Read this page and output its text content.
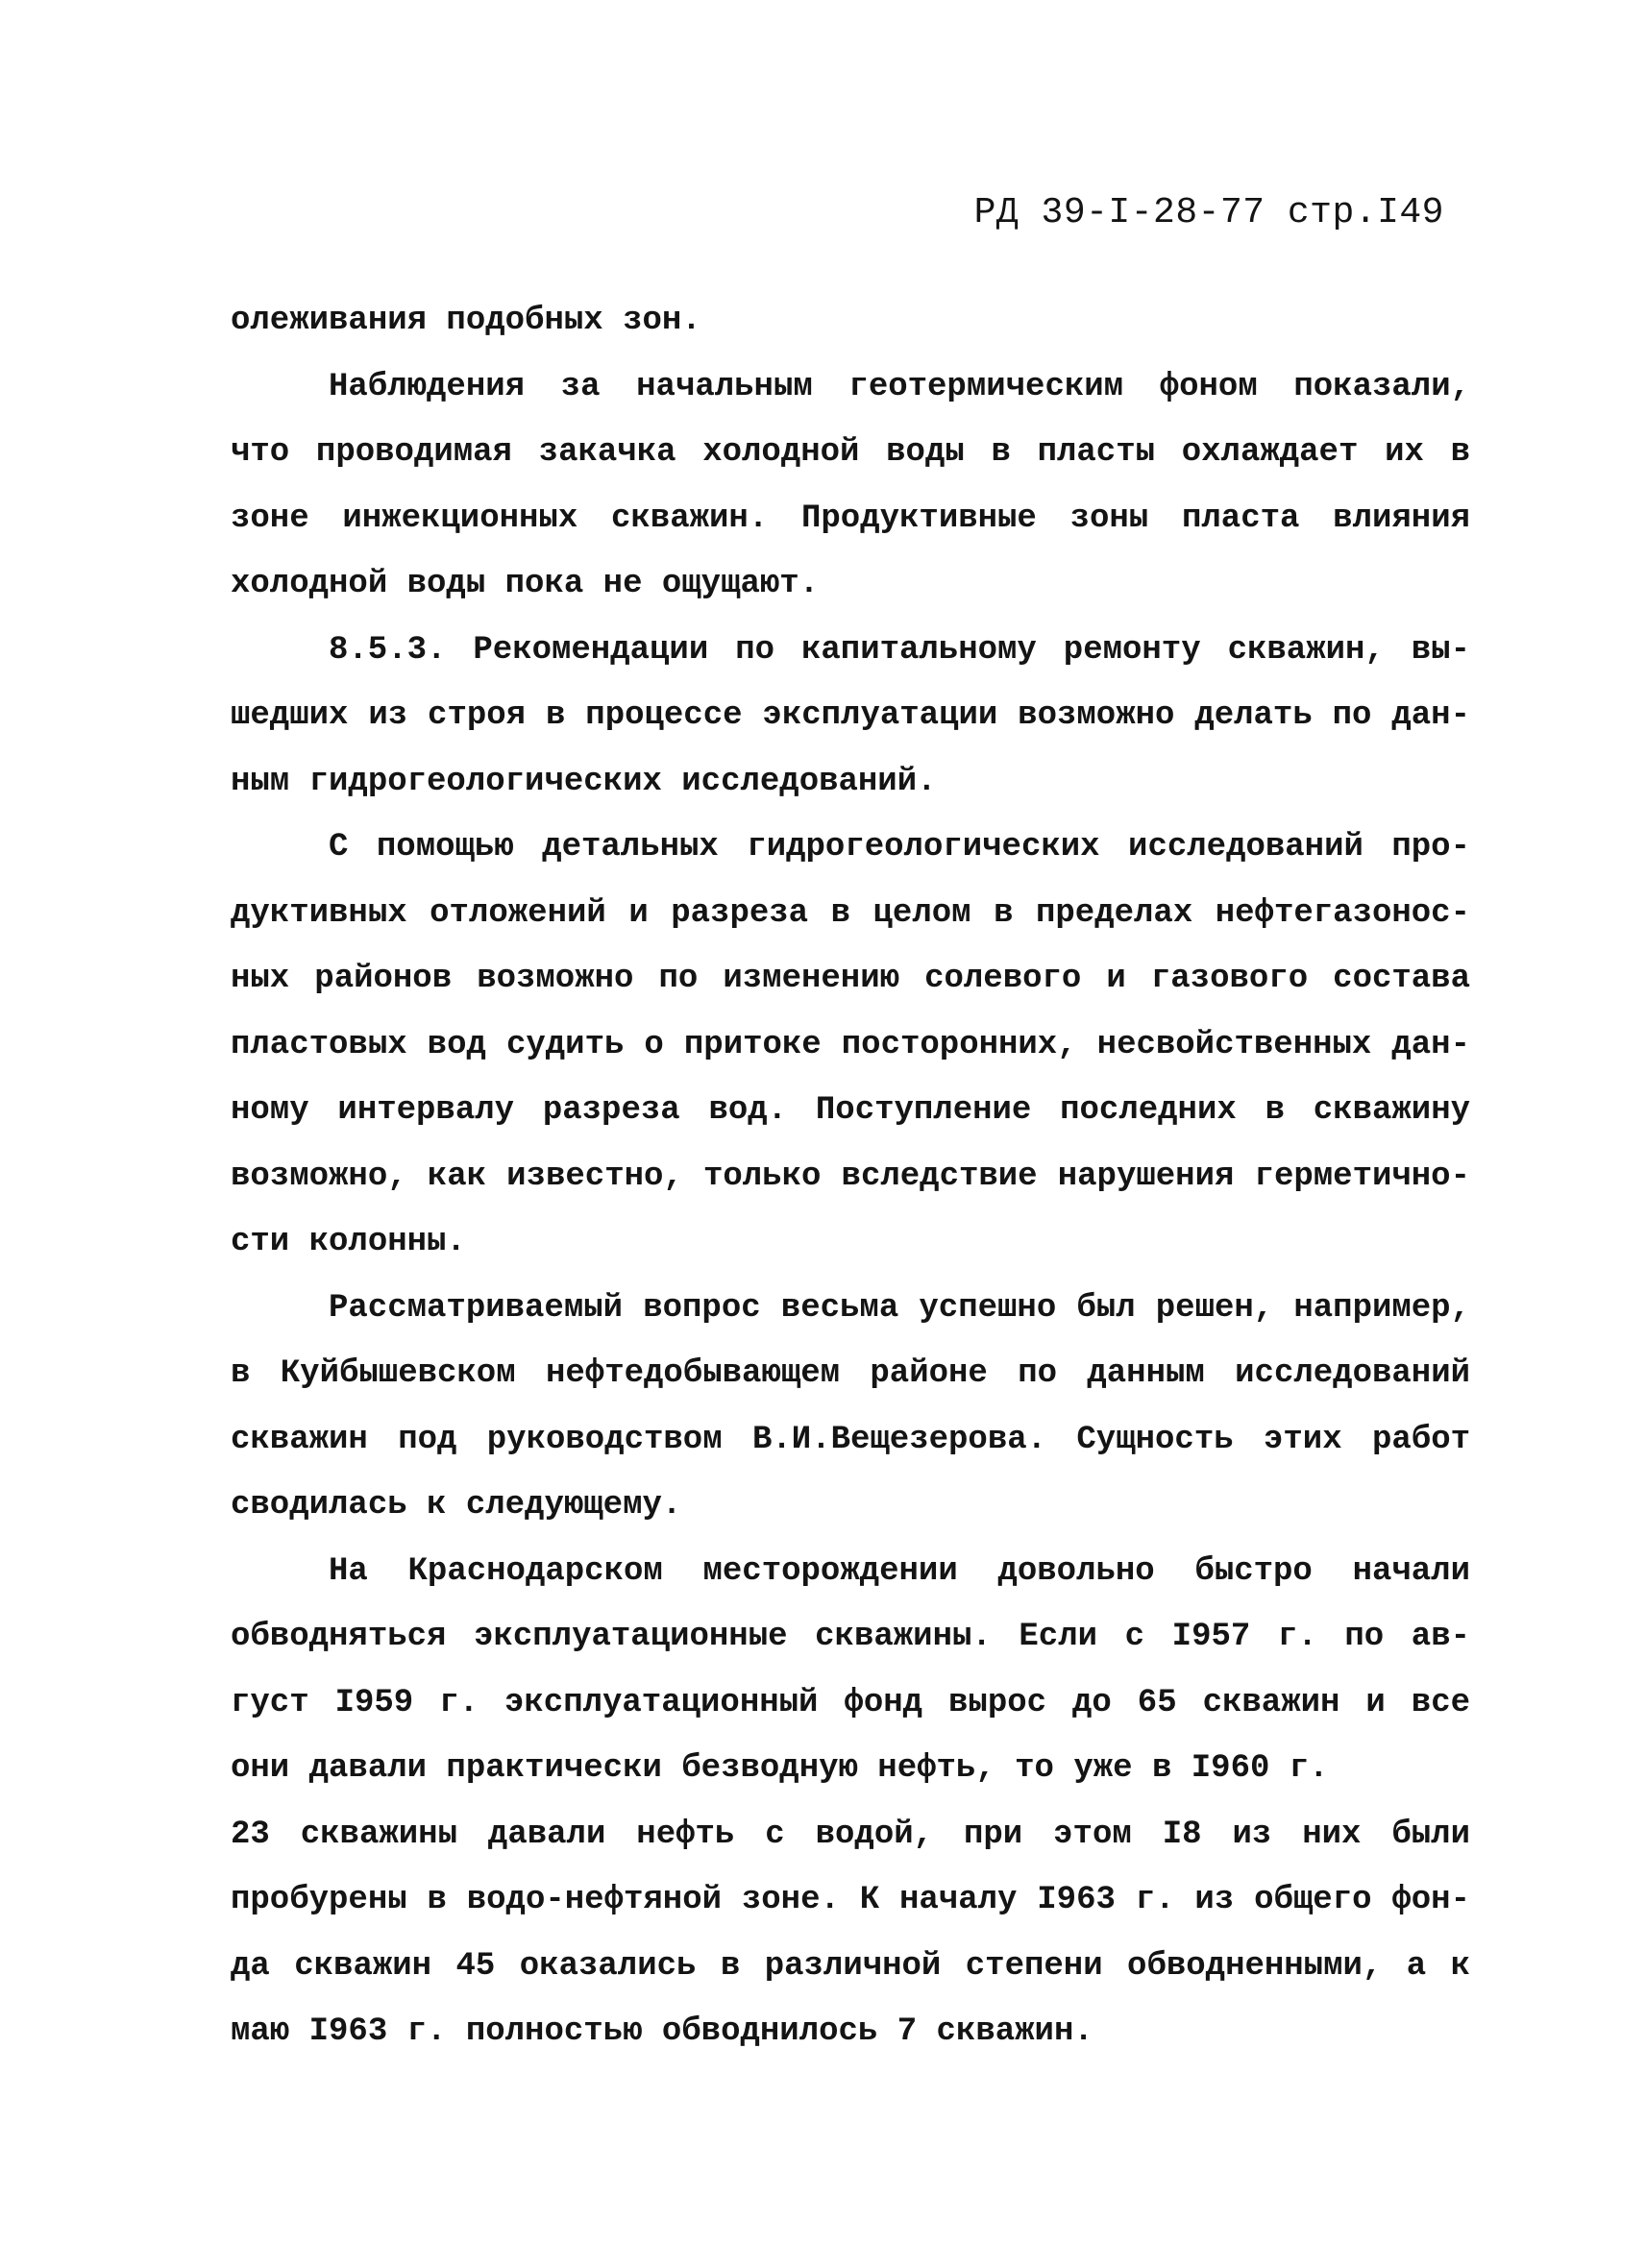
РД 39-I-28-77 стр.I49
олеживания подобных зон.
Наблюдения за начальным геотермическим фоном показали,
что проводимая закачка холодной воды в пласты охлаждает их в
зоне инжекционных скважин. Продуктивные зоны пласта влияния
холодной воды пока не ощущают.
8.5.3. Рекомендации по капитальному ремонту скважин, вы-
шедших из строя в процессе эксплуатации возможно делать по дан-
ным гидрогеологических исследований.
С помощью детальных гидрогеологических исследований про-
дуктивных отложений и разреза в целом в пределах нефтегазонос-
ных районов возможно по изменению солевого и газового состава
пластовых вод судить о притоке посторонних, несвойственных дан-
ному интервалу разреза вод. Поступление последних в скважину
возможно, как известно, только вследствие нарушения герметично-
сти колонны.
Рассматриваемый вопрос весьма успешно был решен, например,
в Куйбышевском нефтедобывающем районе по данным исследований
скважин под руководством В.И.Вещезерова. Сущность этих работ
сводилась к следующему.
На Краснодарском месторождении довольно быстро начали
обводняться эксплуатационные скважины. Если с I957 г. по ав-
густ I959 г. эксплуатационный фонд вырос до 65 скважин и все
они давали практически безводную нефть, то уже в I960 г.
23 скважины давали нефть с водой, при этом I8 из них были
пробурены в водо-нефтяной зоне. К началу I963 г. из общего фон-
да скважин 45 оказались в различной степени обводненными, а к
маю I963 г. полностью обводнилось 7 скважин.
